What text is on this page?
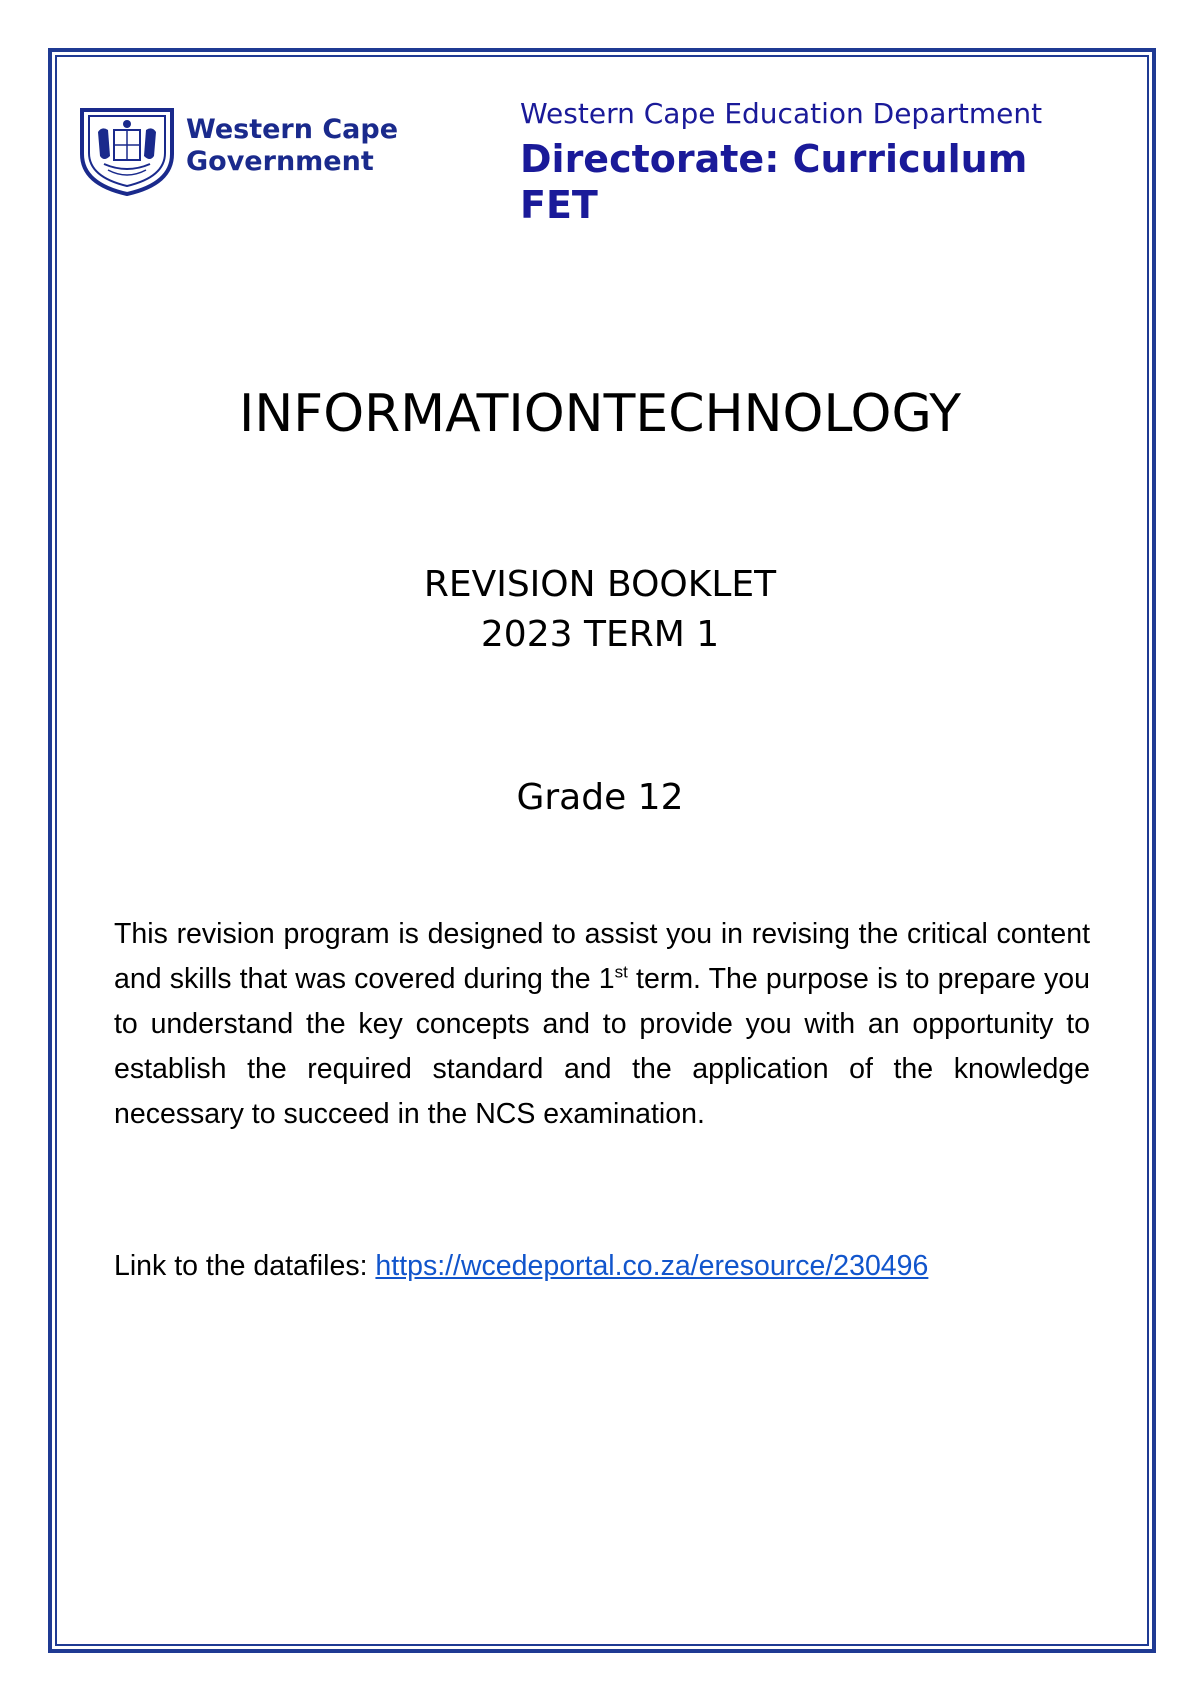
Western Cape
Government
Western Cape Education Department
Directorate: Curriculum
FET
INFORMATIONTECHNOLOGY
REVISION BOOKLET
2023 TERM 1
Grade 12
This revision program is designed to assist you in revising the critical content and skills that was covered during the 1st term. The purpose is to prepare you to understand the key concepts and to provide you with an opportunity to establish the required standard and the application of the knowledge necessary to succeed in the NCS examination.
Link to the datafiles: https://wcedeportal.co.za/eresource/230496
